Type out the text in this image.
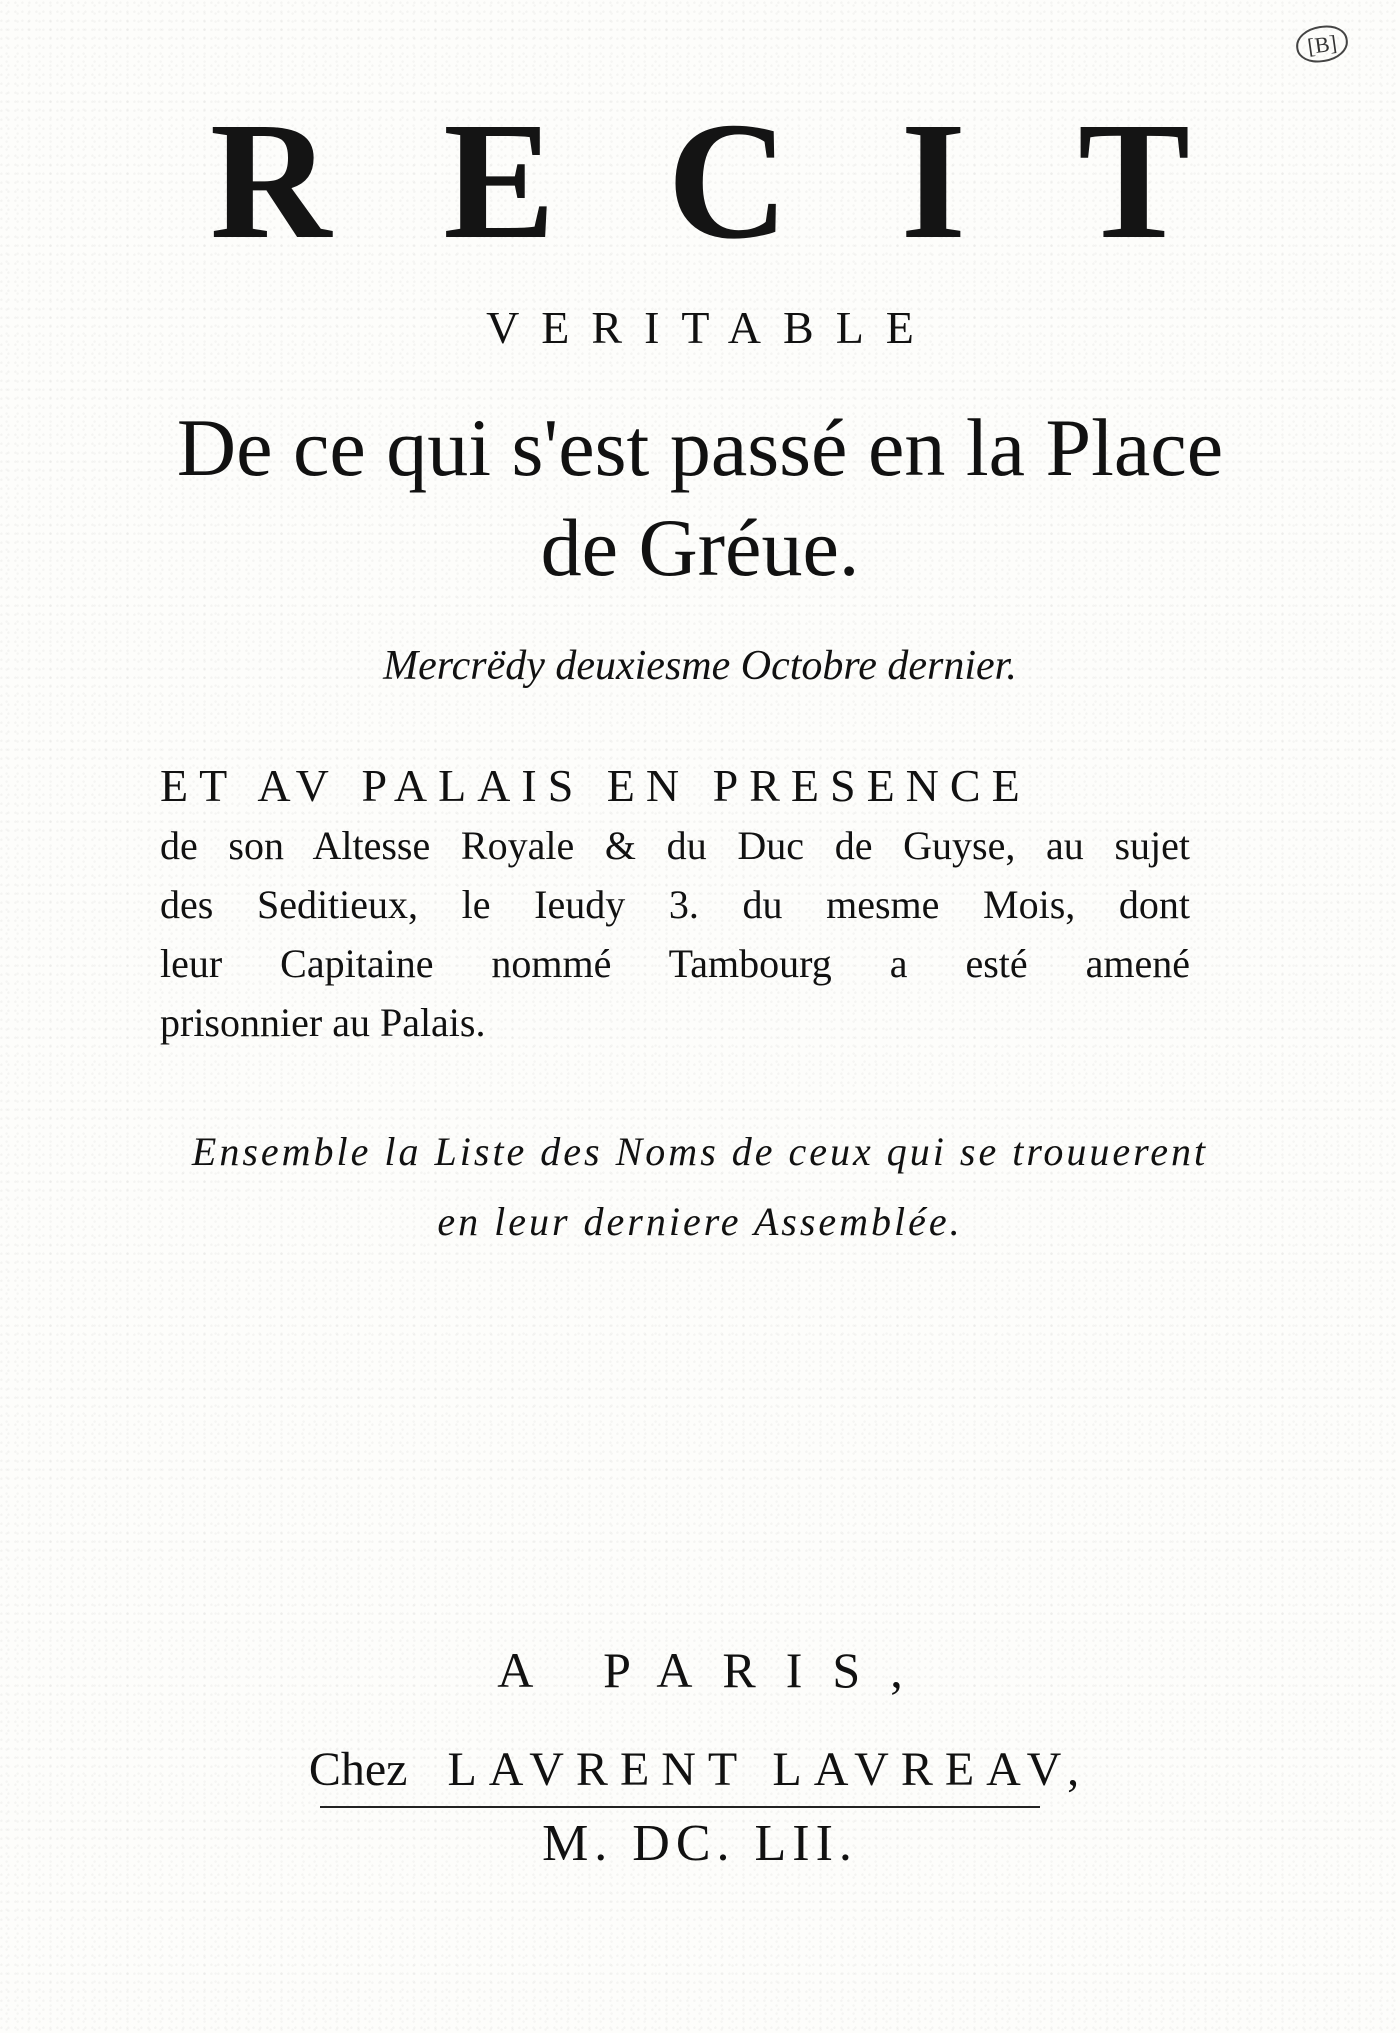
[B]
RECIT
VERITABLE
De ce qui s'est passé en la Place
de Gréue.
Mercrëdy deuxiesme Octobre dernier.
ET AV PALAIS EN PRESENCE
de son Altesse Royale & du Duc de Guyse, au sujet
des Seditieux, le Ieudy 3. du mesme Mois, dont
leur Capitaine nommé Tambourg a esté amené
prisonnier au Palais.
Ensemble la Liste des Noms de ceux qui se trouuerent
en leur derniere Assemblée.
A PARIS,
Chez LAVRENT LAVREAV,
M. DC. LII.
